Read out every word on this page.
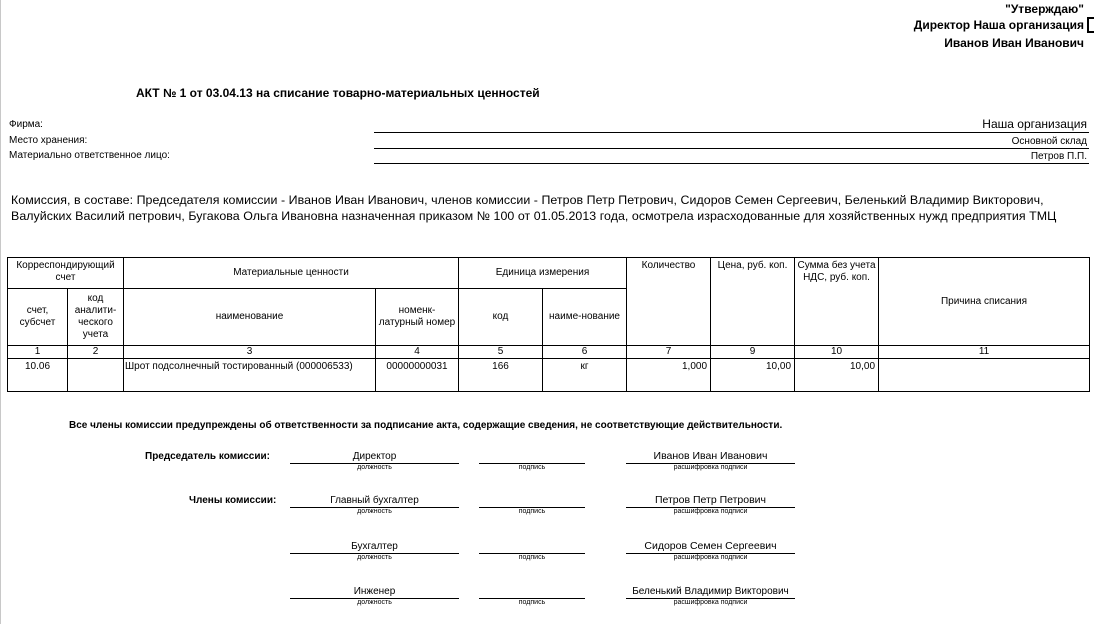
"Утверждаю"
Директор Наша организация
Иванов Иван Иванович
АКТ № 1 от 03.04.13 на списание товарно-материальных ценностей
Фирма:	Наша организация
Место хранения:	Основной склад
Материально ответственное лицо:	Петров П.П.
Комиссия, в составе: Председателя комиссии - Иванов Иван Иванович, членов комиссии - Петров Петр Петрович, Сидоров Семен Сергеевич, Беленький Владимир Викторович, Валуйских Василий петрович, Бугакова Ольга Ивановна назначенная приказом № 100 от 01.05.2013 года, осмотрела израсходованные для хозяйственных нужд предприятия ТМЦ
Корреспондирующий счет		Материальные ценности		Единица измерения		Количество	Цена, руб. коп.	Сумма без учета НДС, руб. коп.	Причина списания
счет, субсчет	код аналити-ческого учета	наименование	номенк-латурный номер	код	наиме-нование				
1	2	3	4	5	6	7	9	10	11
10.06		Шрот подсолнечный тостированный (000006533)	00000000031	166	кг	1,000	10,00	10,00	
Все члены комиссии предупреждены об ответственности за подписание акта, содержащие сведения, не соответствующие действительности.
Председатель комиссии:
Члены комиссии:
Директор	Иванов Иван Иванович
должность	подпись	расшифровка подписи
Главный бухгалтер	Петров Петр Петрович
должность	подпись	расшифровка подписи
Бухгалтер	Сидоров Семен Сергеевич
должность	подпись	расшифровка подписи
Инженер	Беленький Владимир Викторович
должность	подпись	расшифровка подписи
